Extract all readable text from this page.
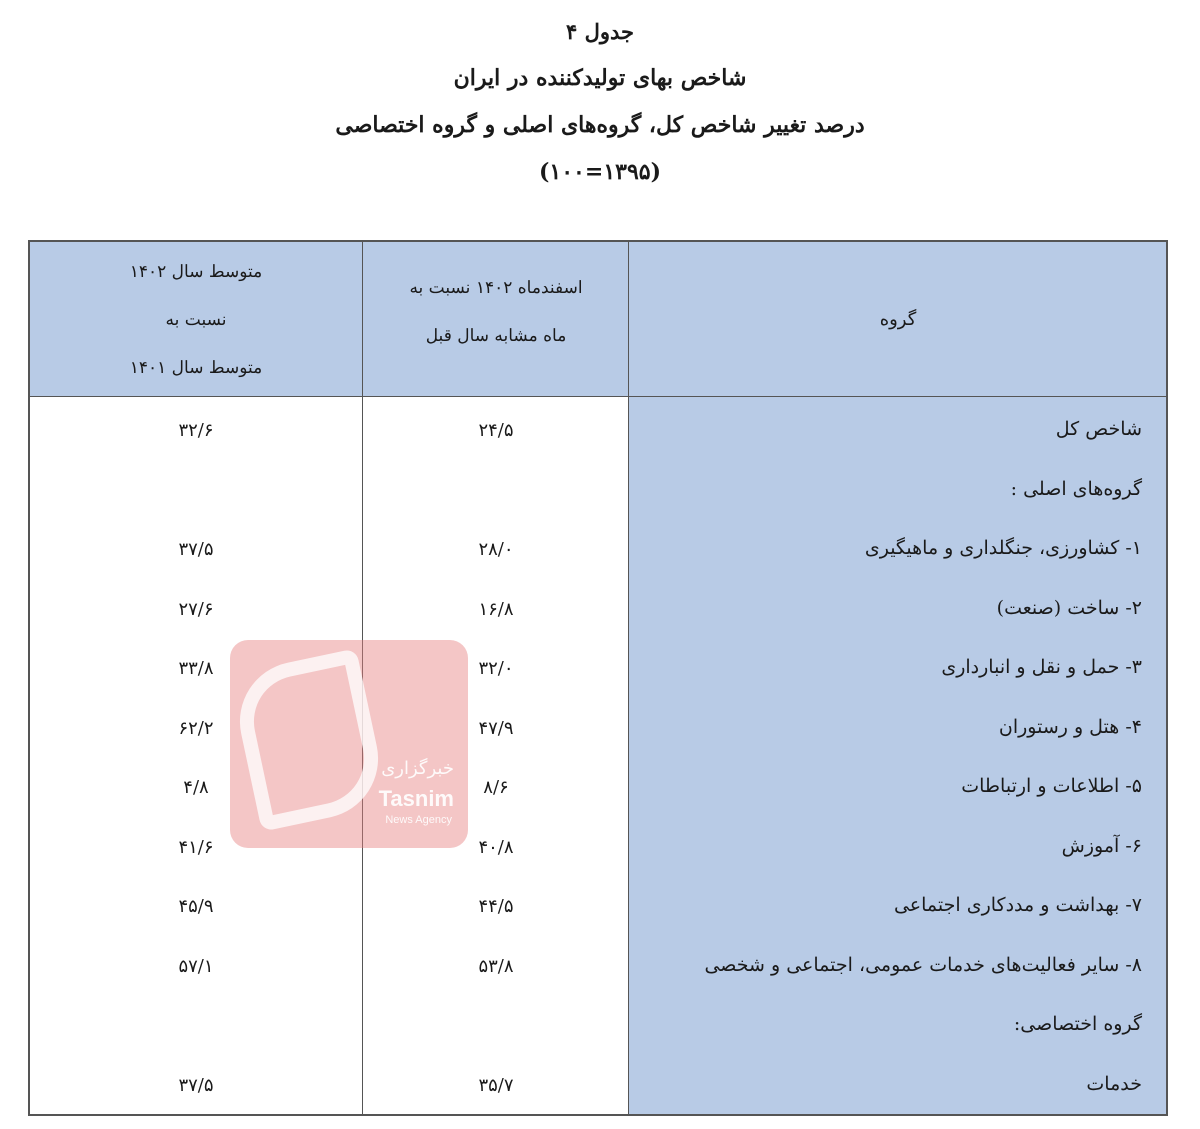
جدول ۴
شاخص بهای تولیدکننده در ایران
درصد تغییر شاخص کل، گروه‌های اصلی و گروه اختصاصی
(۱۳۹۵=۱۰۰)
گروه
اسفندماه ۱۴۰۲ نسبت به
ماه مشابه سال قبل
متوسط سال ۱۴۰۲
نسبت به
متوسط سال ۱۴۰۱
شاخص کل
۲۴/۵
۳۲/۶
گروه‌های اصلی :
۱- کشاورزی، جنگلداری و ماهیگیری
۲۸/۰
۳۷/۵
۲- ساخت (صنعت)
۱۶/۸
۲۷/۶
۳- حمل و نقل و انبارداری
۳۲/۰
۳۳/۸
۴- هتل و رستوران
۴۷/۹
۶۲/۲
۵- اطلاعات و ارتباطات
۸/۶
۴/۸
۶- آموزش
۴۰/۸
۴۱/۶
۷- بهداشت و مددکاری اجتماعی
۴۴/۵
۴۵/۹
۸- سایر فعالیت‌های خدمات عمومی، اجتماعی و شخصی
۵۳/۸
۵۷/۱
گروه اختصاصی:
خدمات
۳۵/۷
۳۷/۵
خبرگزاری
Tasnim
News Agency
